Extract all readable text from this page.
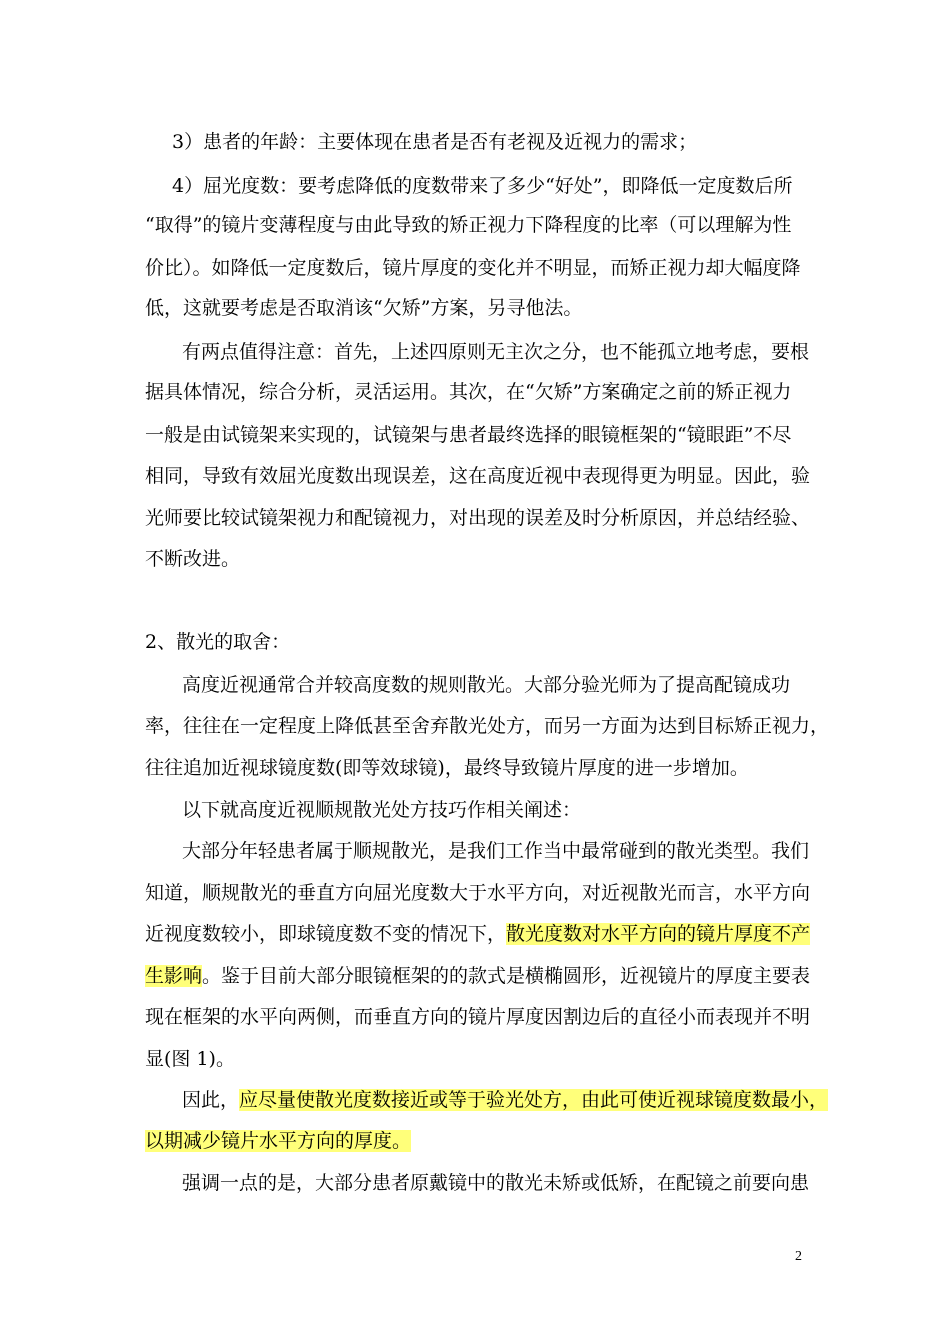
3）患者的年龄：主要体现在患者是否有老视及近视力的需求；
4）屈光度数：要考虑降低的度数带来了多少“好处”，即降低一定度数后所
“取得”的镜片变薄程度与由此导致的矫正视力下降程度的比率（可以理解为性
价比）。如降低一定度数后，镜片厚度的变化并不明显，而矫正视力却大幅度降
低，这就要考虑是否取消该“欠矫”方案，另寻他法。
有两点值得注意：首先，上述四原则无主次之分，也不能孤立地考虑，要根
据具体情况，综合分析，灵活运用。其次，在“欠矫”方案确定之前的矫正视力
一般是由试镜架来实现的，试镜架与患者最终选择的眼镜框架的“镜眼距”不尽
相同，导致有效屈光度数出现误差，这在高度近视中表现得更为明显。因此，验
光师要比较试镜架视力和配镜视力，对出现的误差及时分析原因，并总结经验、
不断改进。
2、散光的取舍：
高度近视通常合并较高度数的规则散光。大部分验光师为了提高配镜成功
率，往往在一定程度上降低甚至舍弃散光处方，而另一方面为达到目标矫正视力，
往往追加近视球镜度数(即等效球镜)，最终导致镜片厚度的进一步增加。
以下就高度近视顺规散光处方技巧作相关阐述：
大部分年轻患者属于顺规散光，是我们工作当中最常碰到的散光类型。我们
知道，顺规散光的垂直方向屈光度数大于水平方向，对近视散光而言，水平方向
近视度数较小，即球镜度数不变的情况下，散光度数对水平方向的镜片厚度不产
生影响。鉴于目前大部分眼镜框架的的款式是横椭圆形，近视镜片的厚度主要表
现在框架的水平向两侧，而垂直方向的镜片厚度因割边后的直径小而表现并不明
显(图 1)。
因此，应尽量使散光度数接近或等于验光处方，由此可使近视球镜度数最小，
以期减少镜片水平方向的厚度。
强调一点的是，大部分患者原戴镜中的散光未矫或低矫，在配镜之前要向患
2
